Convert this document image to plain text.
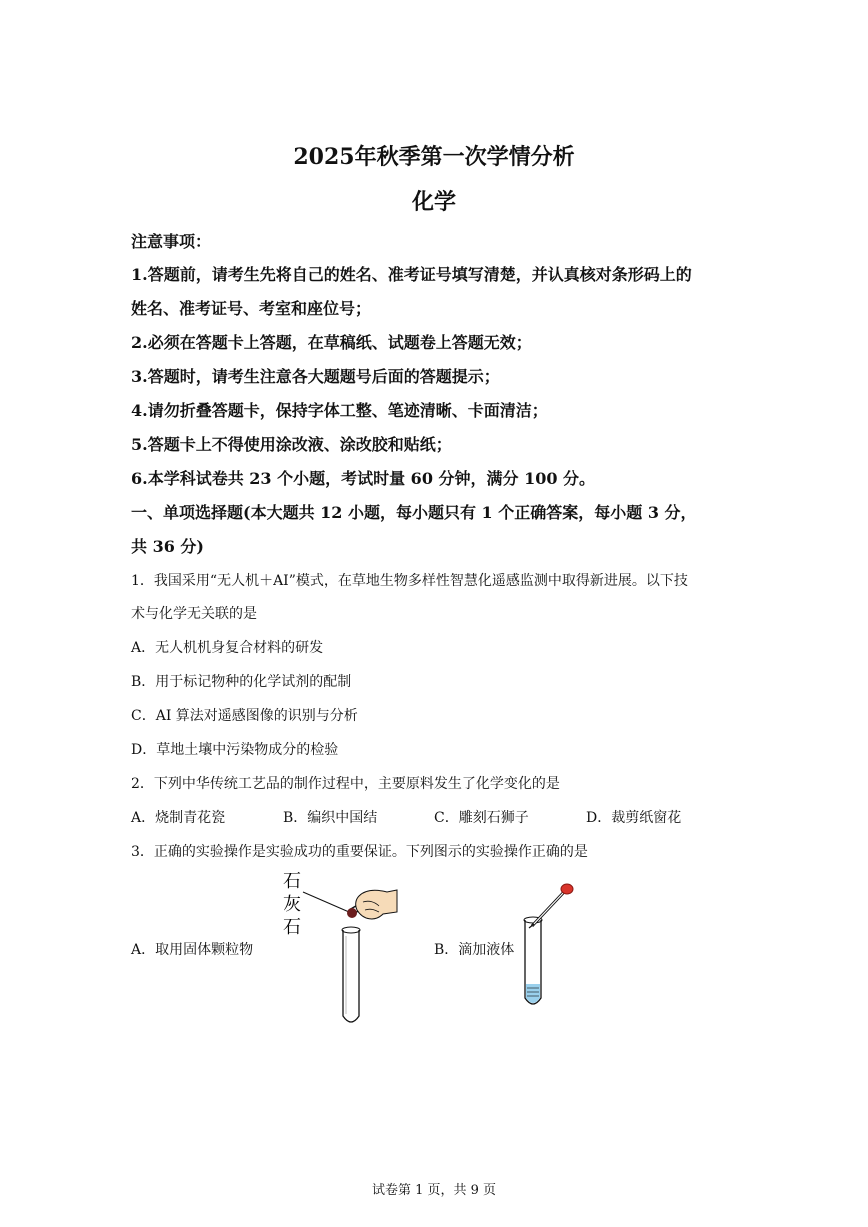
2025年秋季第一次学情分析
化学
注意事项：
1.答题前，请考生先将自己的姓名、准考证号填写清楚，并认真核对条形码上的
姓名、准考证号、考室和座位号；
2.必须在答题卡上答题，在草稿纸、试题卷上答题无效；
3.答题时，请考生注意各大题题号后面的答题提示；
4.请勿折叠答题卡，保持字体工整、笔迹清晰、卡面清洁；
5.答题卡上不得使用涂改液、涂改胶和贴纸；
6.本学科试卷共 23 个小题，考试时量 60 分钟，满分 100 分。
一、单项选择题(本大题共 12 小题，每小题只有 1 个正确答案，每小题 3 分，
共 36 分)
1．我国采用“无人机＋AI”模式，在草地生物多样性智慧化遥感监测中取得新进展。以下技
术与化学无关联的是
A．无人机机身复合材料的研发
B．用于标记物种的化学试剂的配制
C．AI 算法对遥感图像的识别与分析
D．草地土壤中污染物成分的检验
2．下列中华传统工艺品的制作过程中，主要原料发生了化学变化的是
A．烧制青花瓷	B．编织中国结	C．雕刻石狮子	D．裁剪纸窗花
3．正确的实验操作是实验成功的重要保证。下列图示的实验操作正确的是
A．取用固体颗粒物
石
灰
石
B．滴加液体
试卷第 1 页，共 9 页
